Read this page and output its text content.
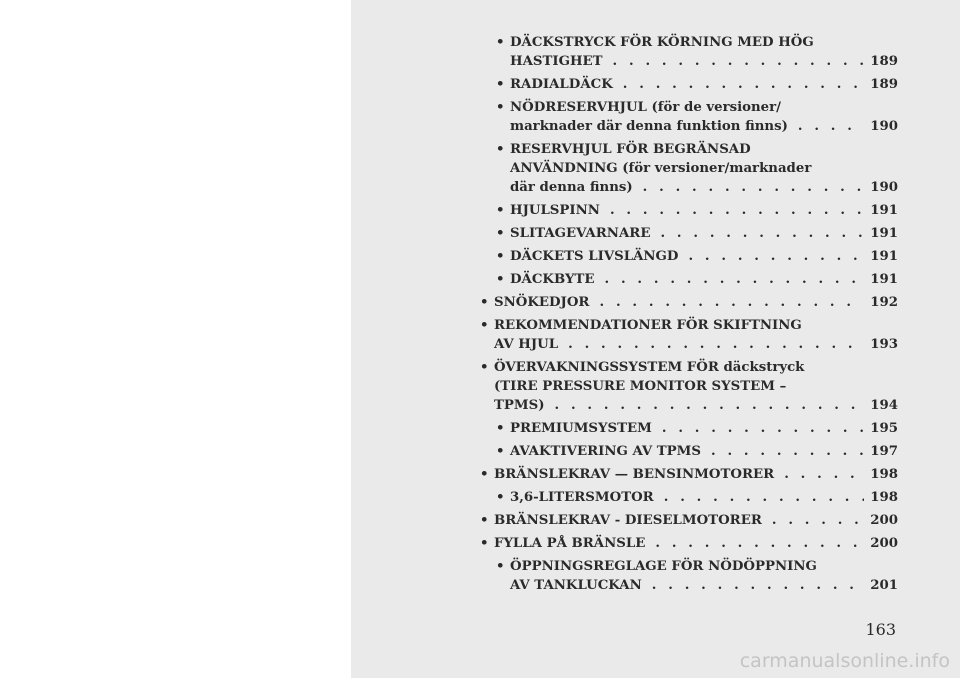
• DÄCKSTRYCK FÖR KÖRNING MED HÖG
HASTIGHET . . .	189
• RADIALDÄCK . . .	189
• NÖDRESERVHJUL (för de versioner/
marknader där denna funktion finns) . . .	190
• RESERVHJUL FÖR BEGRÄNSAD
ANVÄNDNING (för versioner/marknader
där denna finns) . . .	190
• HJULSPINN . . .	191
• SLITAGEVARNARE . . .	191
• DÄCKETS LIVSLÄNGD . . .	191
• DÄCKBYTE . . .	191
• SNÖKEDJOR . . .	192
• REKOMMENDATIONER FÖR SKIFTNING
AV HJUL . . .	193
• ÖVERVAKNINGSSYSTEM FÖR däckstryck
(TIRE PRESSURE MONITOR SYSTEM –
TPMS) . . .	194
• PREMIUMSYSTEM . . .	195
• AVAKTIVERING AV TPMS . . .	197
• BRÄNSLEKRAV — BENSINMOTORER . . .	198
• 3,6-LITERSMOTOR . . .	198
• BRÄNSLEKRAV - DIESELMOTORER . . .	200
• FYLLA PÅ BRÄNSLE . . .	200
• ÖPPNINGSREGLAGE FÖR NÖDÖPPNING
AV TANKLUCKAN . . .	201
163
carmanualsonline.info
